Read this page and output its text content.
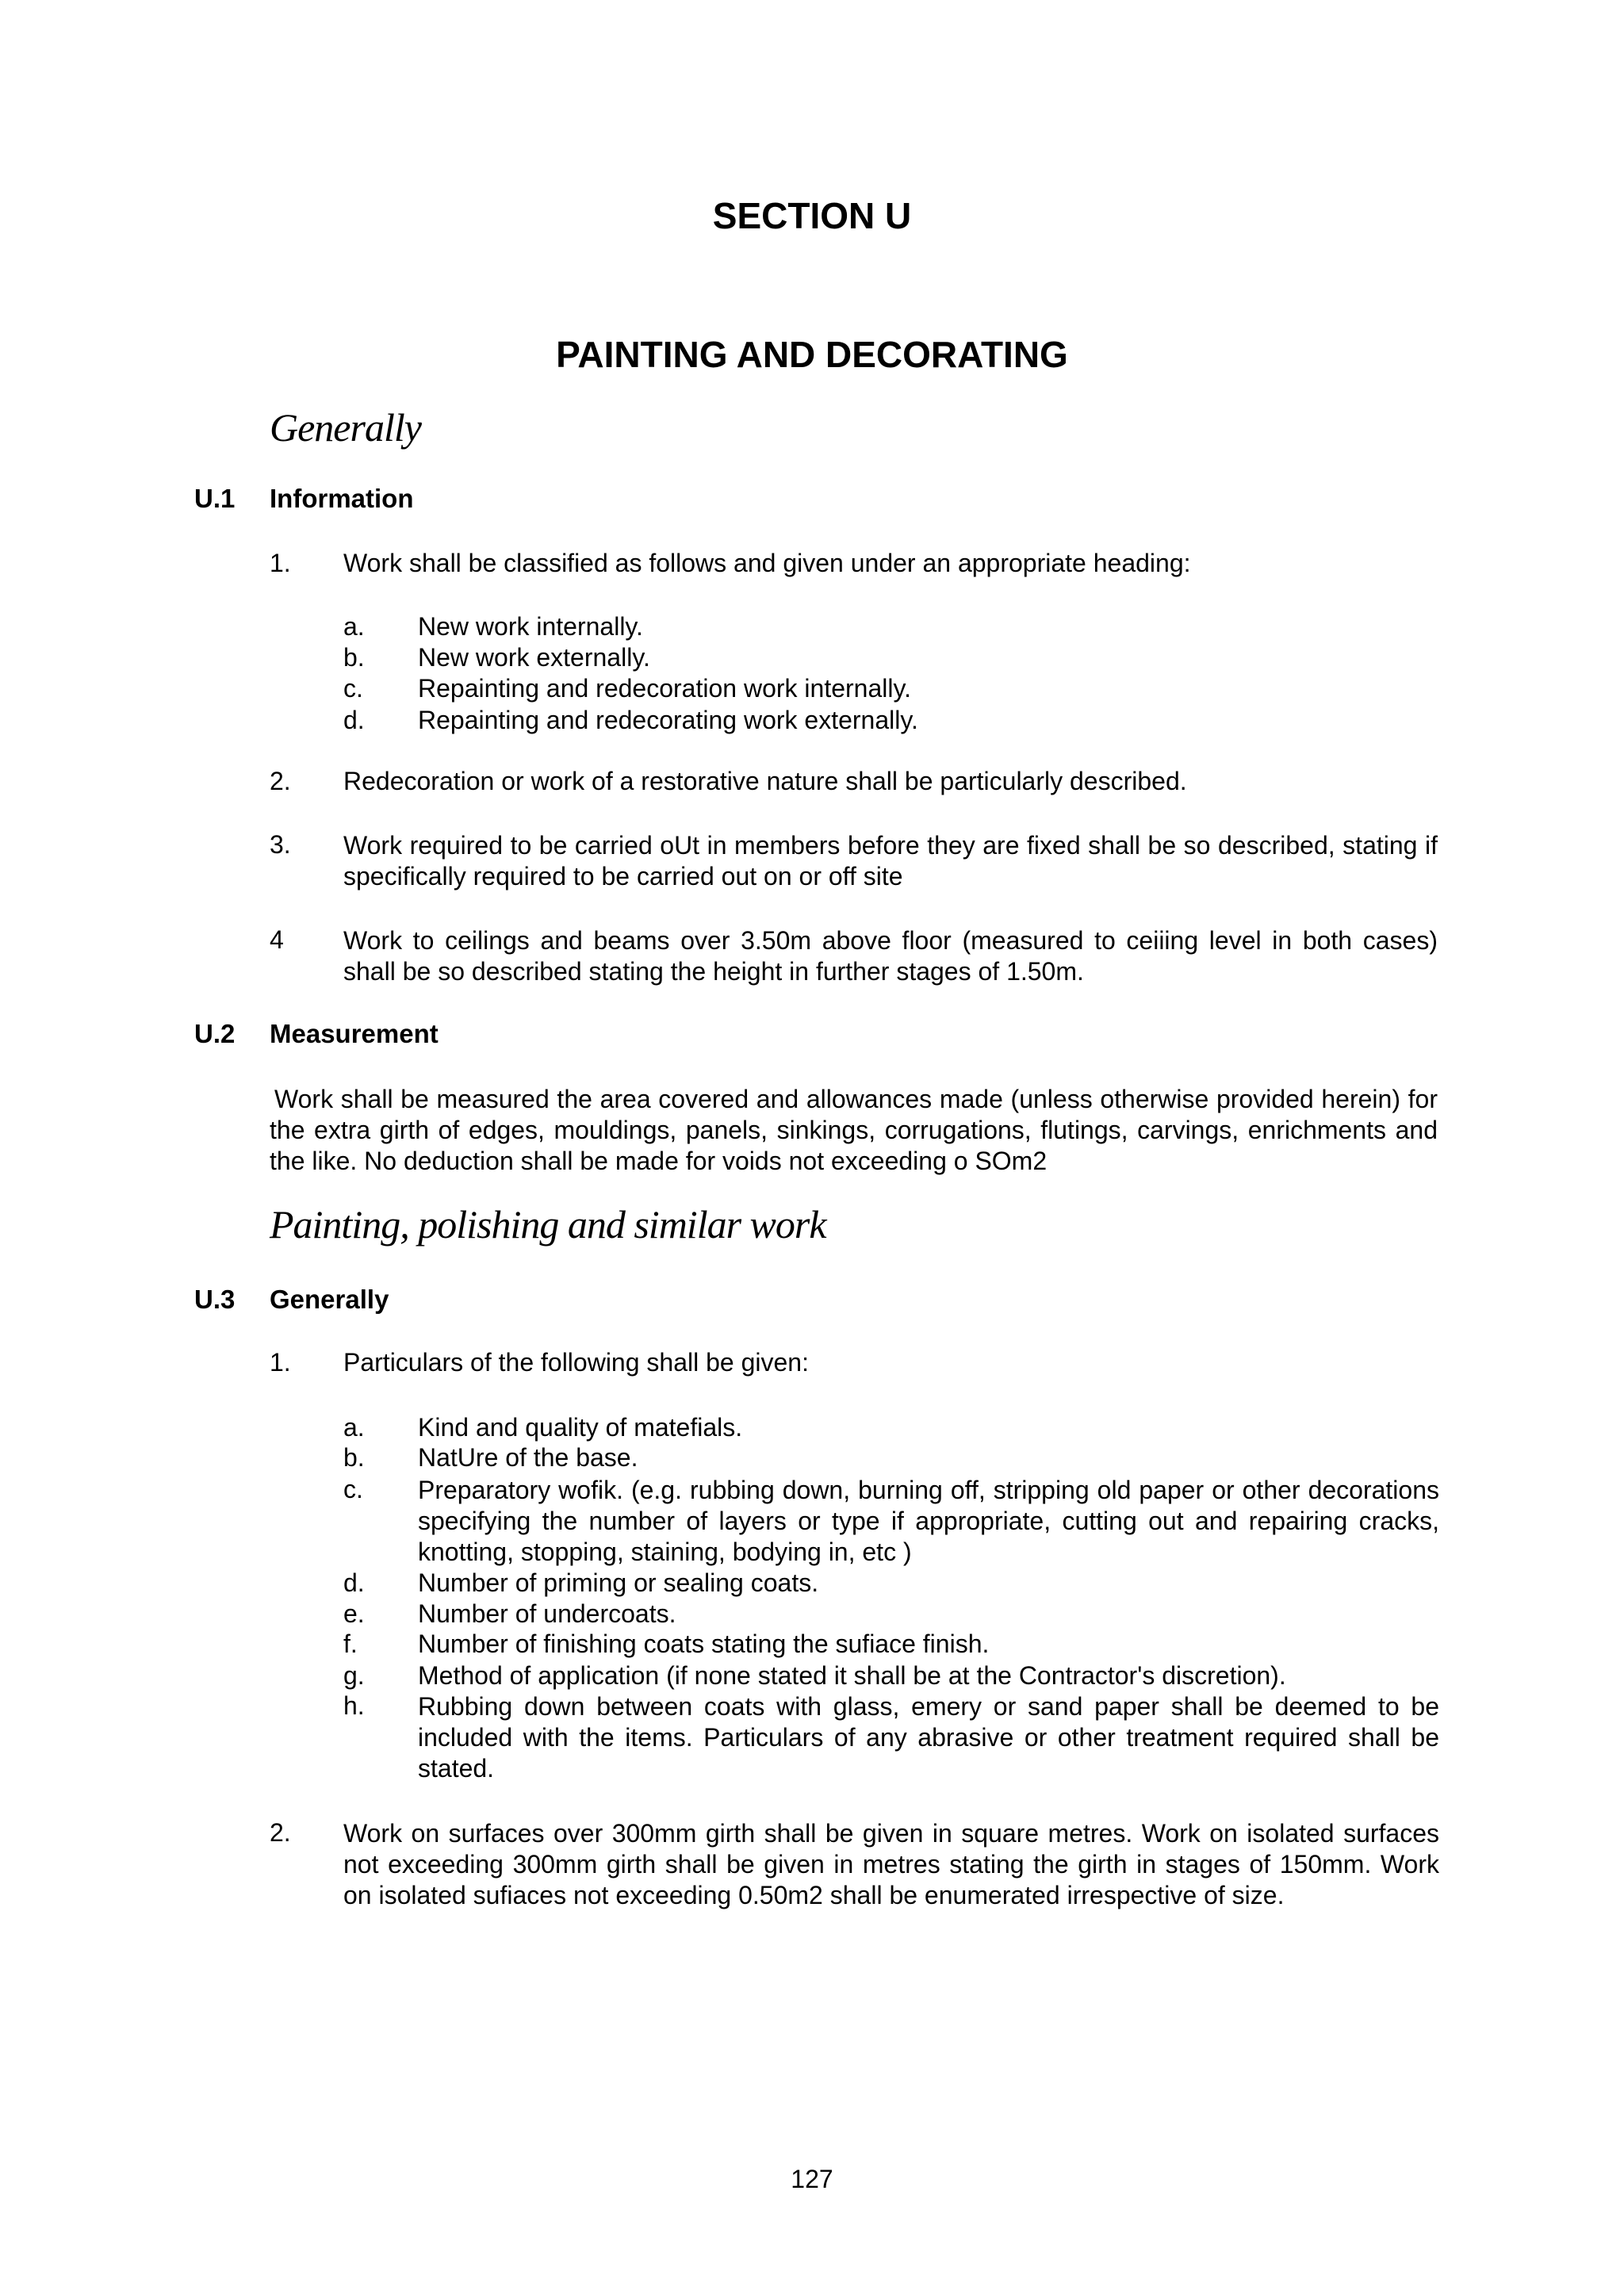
SECTION U
PAINTING AND DECORATING
Generally
U.1 Information
1. Work shall be classified as follows and given under an appropriate heading:
a. New work internally.
b. New work externally.
c. Repainting and redecoration work internally.
d. Repainting and redecorating work externally.
2. Redecoration or work of a restorative nature shall be particularly described.
3. Work required to be carried oUt in members before they are fixed shall be so described, stating if specifically required to be carried out on or off site
4 Work to ceilings and beams over 3.50m above floor (measured to ceiiing level in both cases) shall be so described stating the height in further stages of 1.50m.
U.2 Measurement
Work shall be measured the area covered and allowances made (unless otherwise provided herein) for the extra girth of edges, mouldings, panels, sinkings, corrugations, flutings, carvings, enrichments and the like. No deduction shall be made for voids not exceeding o SOm2
Painting, polishing and similar work
U.3 Generally
1. Particulars of the following shall be given:
a. Kind and quality of matefials.
b. NatUre of the base.
c. Preparatory wofik. (e.g. rubbing down, burning off, stripping old paper or other decorations specifying the number of layers or type if appropriate, cutting out and repairing cracks, knotting, stopping, staining, bodying in, etc )
d. Number of priming or sealing coats.
e. Number of undercoats.
f. Number of finishing coats stating the sufiace finish.
g. Method of application (if none stated it shall be at the Contractor's discretion).
h. Rubbing down between coats with glass, emery or sand paper shall be deemed to be included with the items. Particulars of any abrasive or other treatment required shall be stated.
2. Work on surfaces over 300mm girth shall be given in square metres. Work on isolated surfaces not exceeding 300mm girth shall be given in metres stating the girth in stages of 150mm. Work on isolated sufiaces not exceeding 0.50m2 shall be enumerated irrespective of size.
127
